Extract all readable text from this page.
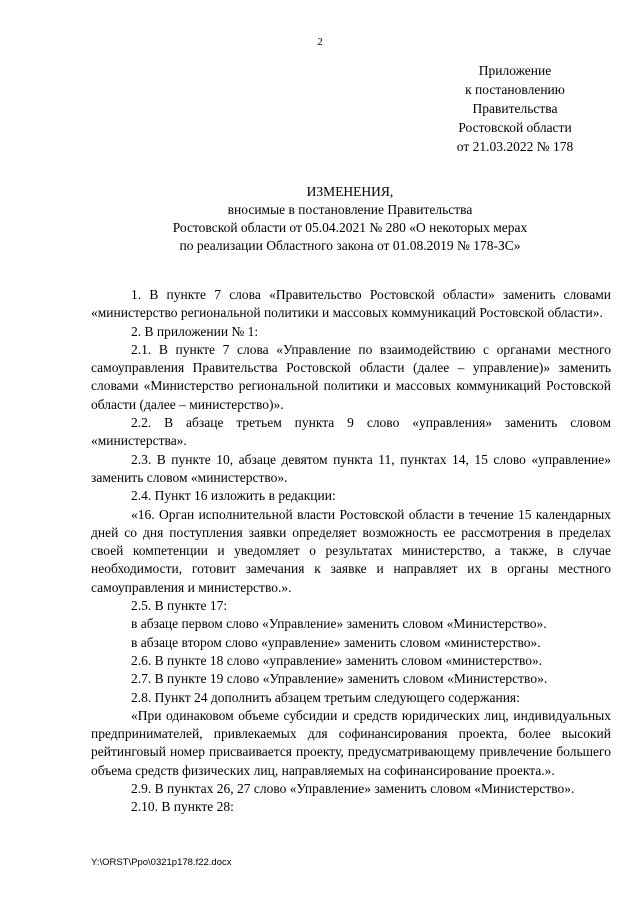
2
Приложение
к постановлению
Правительства
Ростовской области
от 21.03.2022 № 178
ИЗМЕНЕНИЯ,
вносимые в постановление Правительства
Ростовской области от 05.04.2021 № 280 «О некоторых мерах
по реализации Областного закона от 01.08.2019 № 178-ЗС»

1. В пункте 7 слова «Правительство Ростовской области» заменить словами «министерство региональной политики и массовых коммуникаций Ростовской области».

2. В приложении № 1:

2.1. В пункте 7 слова «Управление по взаимодействию с органами местного самоуправления Правительства Ростовской области (далее – управление)» заменить словами «Министерство региональной политики и массовых коммуникаций Ростовской области (далее – министерство)».

2.2. В абзаце третьем пункта 9 слово «управления» заменить словом «министерства».

2.3. В пункте 10, абзаце девятом пункта 11, пунктах 14, 15 слово «управление» заменить словом «министерство».

2.4. Пункт 16 изложить в редакции:

«16. Орган исполнительной власти Ростовской области в течение 15 календарных дней со дня поступления заявки определяет возможность ее рассмотрения в пределах своей компетенции и уведомляет о результатах министерство, а также, в случае необходимости, готовит замечания к заявке и направляет их в органы местного самоуправления и министерство.».

2.5. В пункте 17:

в абзаце первом слово «Управление» заменить словом «Министерство».

в абзаце втором слово «управление» заменить словом «министерство».

2.6. В пункте 18 слово «управление» заменить словом «министерство».

2.7. В пункте 19 слово «Управление» заменить словом «Министерство».

2.8. Пункт 24 дополнить абзацем третьим следующего содержания:

«При одинаковом объеме субсидии и средств юридических лиц, индивидуальных предпринимателей, привлекаемых для софинансирования проекта, более высокий рейтинговый номер присваивается проекту, предусматривающему привлечение большего объема средств физических лиц, направляемых на софинансирование проекта.».

2.9. В пунктах 26, 27 слово «Управление» заменить словом «Министерство».

2.10. В пункте 28:

Y:\ORST\Ppo\0321p178.f22.docx
